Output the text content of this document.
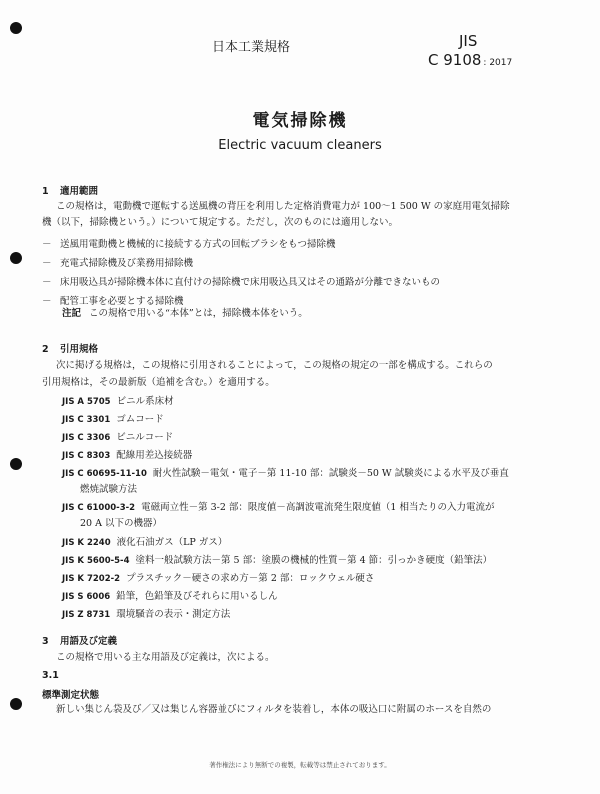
日本工業規格	JIS
C 9108 : 2017
電気掃除機
Electric vacuum cleaners
1 適用範囲
この規格は，電動機で運転する送風機の背圧を利用した定格消費電力が 100～1 500 W の家庭用電気掃除
機（以下，掃除機という。）について規定する。ただし，次のものには適用しない。
－ 送風用電動機と機械的に接続する方式の回転ブラシをもつ掃除機
－ 充電式掃除機及び業務用掃除機
－ 床用吸込具が掃除機本体に直付けの掃除機で床用吸込具又はその通路が分離できないもの
－ 配管工事を必要とする掃除機
注記 この規格で用いる“本体”とは，掃除機本体をいう。
2 引用規格
次に掲げる規格は，この規格に引用されることによって，この規格の規定の一部を構成する。これらの
引用規格は，その最新版（追補を含む。）を適用する。
JIS A 5705 ビニル系床材
JIS C 3301 ゴムコード
JIS C 3306 ビニルコード
JIS C 8303 配線用差込接続器
JIS C 60695-11-10 耐火性試験－電気・電子－第 11-10 部：試験炎－50 W 試験炎による水平及び垂直
燃焼試験方法
JIS C 61000-3-2 電磁両立性－第 3-2 部：限度値－高調波電流発生限度値（1 相当たりの入力電流が
20 A 以下の機器）
JIS K 2240 液化石油ガス（LP ガス）
JIS K 5600-5-4 塗料一般試験方法－第 5 部：塗膜の機械的性質－第 4 節：引っかき硬度（鉛筆法）
JIS K 7202-2 プラスチック－硬さの求め方－第 2 部：ロックウェル硬さ
JIS S 6006 鉛筆，色鉛筆及びそれらに用いるしん
JIS Z 8731 環境騒音の表示・測定方法
3 用語及び定義
この規格で用いる主な用語及び定義は，次による。
3.1
標準測定状態
新しい集じん袋及び／又は集じん容器並びにフィルタを装着し，本体の吸込口に附属のホースを自然の
著作権法により無断での複製，転載等は禁止されております。
